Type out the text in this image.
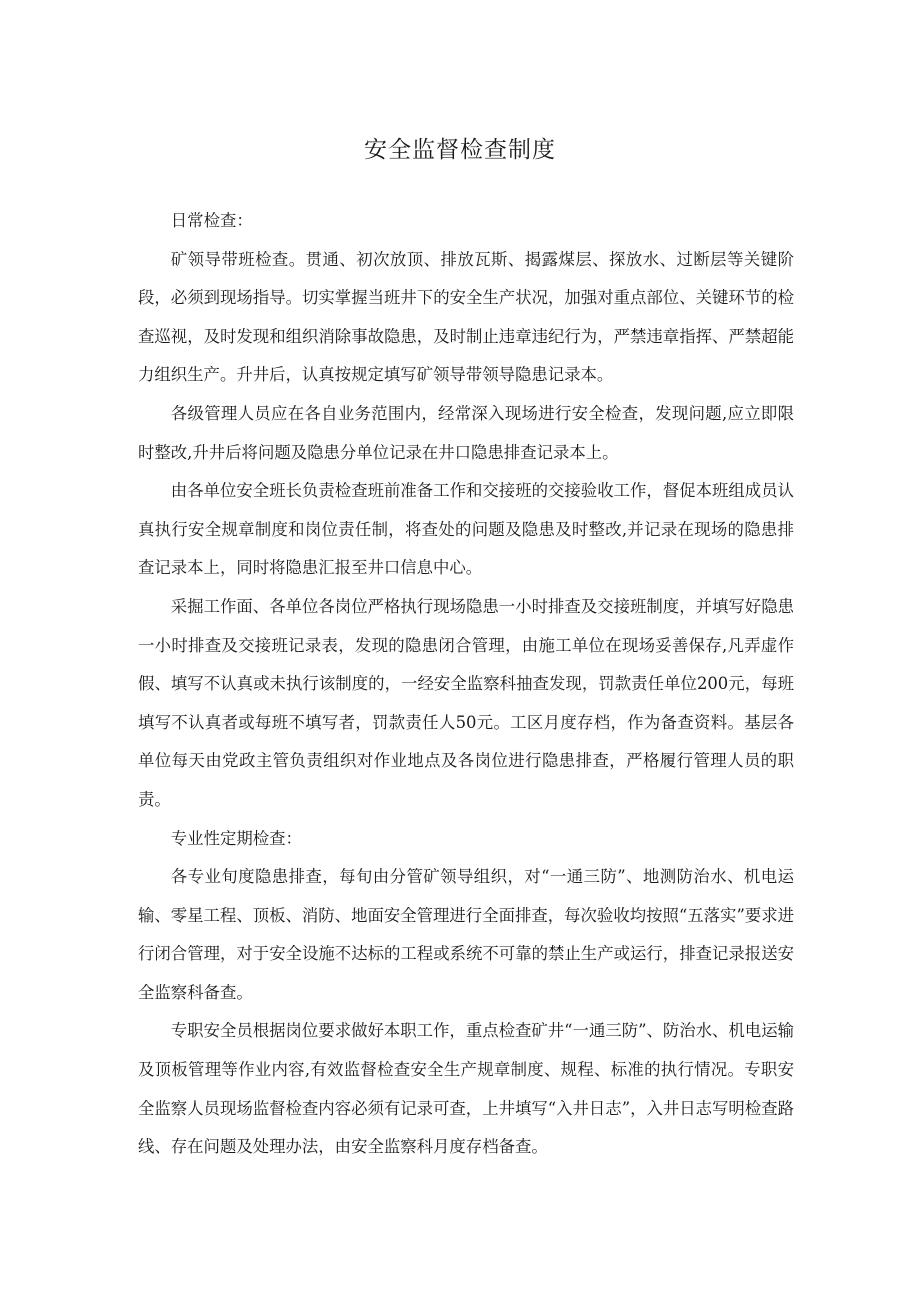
安全监督检查制度

日常检查：

矿领导带班检查。贯通、初次放顶、排放瓦斯、揭露煤层、探放水、过断层等关键阶段，必须到现场指导。切实掌握当班井下的安全生产状况，加强对重点部位、关键环节的检查巡视，及时发现和组织消除事故隐患，及时制止违章违纪行为，严禁违章指挥、严禁超能力组织生产。升井后，认真按规定填写矿领导带领导隐患记录本。

各级管理人员应在各自业务范围内，经常深入现场进行安全检查，发现问题,应立即限时整改,升井后将问题及隐患分单位记录在井口隐患排查记录本上。

由各单位安全班长负责检查班前准备工作和交接班的交接验收工作，督促本班组成员认真执行安全规章制度和岗位责任制，将查处的问题及隐患及时整改,并记录在现场的隐患排查记录本上，同时将隐患汇报至井口信息中心。

采掘工作面、各单位各岗位严格执行现场隐患一小时排查及交接班制度，并填写好隐患一小时排查及交接班记录表，发现的隐患闭合管理，由施工单位在现场妥善保存,凡弄虚作假、填写不认真或未执行该制度的，一经安全监察科抽查发现，罚款责任单位200元，每班填写不认真者或每班不填写者，罚款责任人50元。工区月度存档，作为备查资料。基层各单位每天由党政主管负责组织对作业地点及各岗位进行隐患排查，严格履行管理人员的职责。

专业性定期检查：

各专业旬度隐患排查，每旬由分管矿领导组织，对“一通三防”、地测防治水、机电运输、零星工程、顶板、消防、地面安全管理进行全面排查，每次验收均按照“五落实”要求进行闭合管理，对于安全设施不达标的工程或系统不可靠的禁止生产或运行，排查记录报送安全监察科备查。

专职安全员根据岗位要求做好本职工作，重点检查矿井“一通三防”、防治水、机电运输及顶板管理等作业内容,有效监督检查安全生产规章制度、规程、标准的执行情况。专职安全监察人员现场监督检查内容必须有记录可查，上井填写“入井日志”，入井日志写明检查路线、存在问题及处理办法，由安全监察科月度存档备查。
